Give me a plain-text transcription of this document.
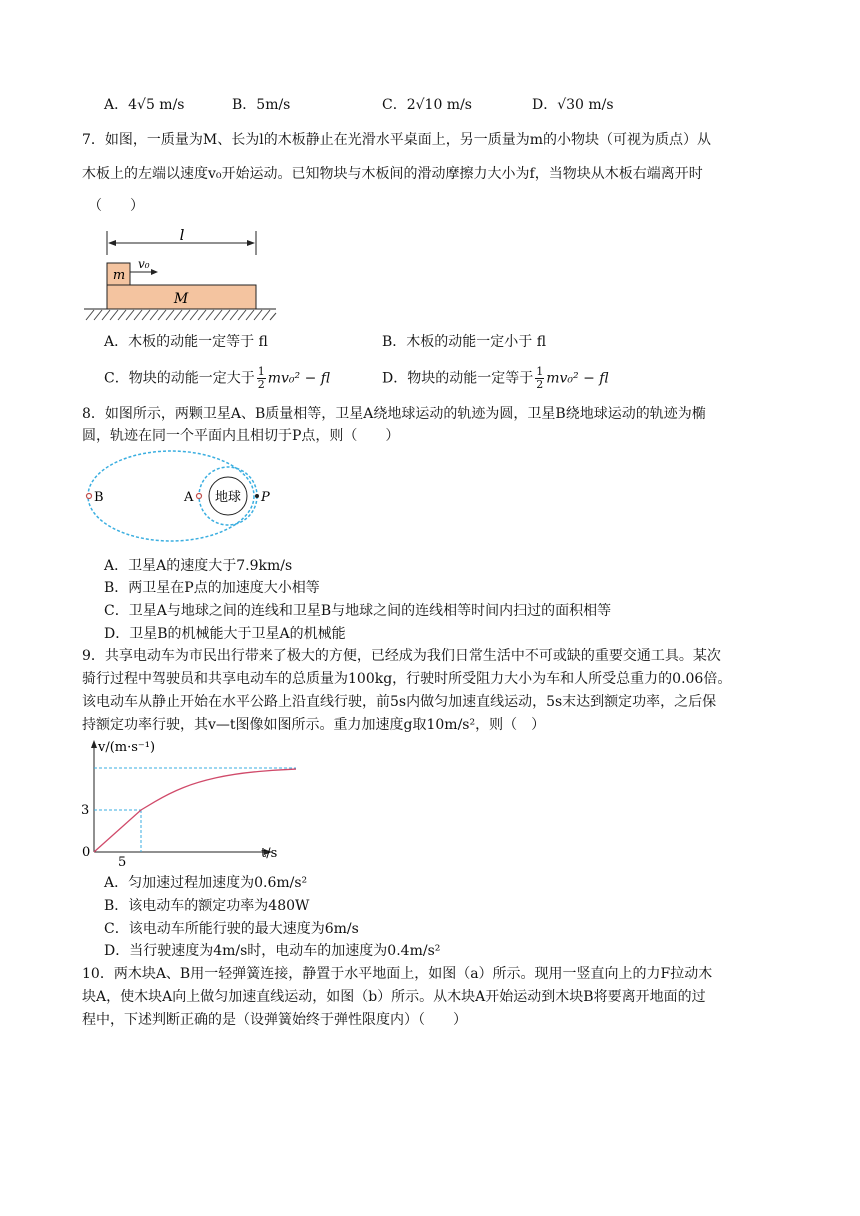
A．4√5 m/s	B．5m/s	C．2√10 m/s	D．√30 m/s
7．如图，一质量为M、长为l的木板静止在光滑水平桌面上，另一质量为m的小物块（可视为质点）从
木板上的左端以速度v₀开始运动。已知物块与木板间的滑动摩擦力大小为f，当物块从木板右端离开时
（　　）
l
m
v₀
M
A．木板的动能一定等于 fl	B．木板的动能一定小于 fl
C．物块的动能一定大于 $\frac{1}{2} mv_0^2$ − fl	D．物块的动能一定等于 $\frac{1}{2} mv_0^2$ − fl
8．如图所示，两颗卫星A、B质量相等，卫星A绕地球运动的轨迹为圆，卫星B绕地球运动的轨迹为椭
圆，轨迹在同一个平面内且相切于P点，则（　　）
地球
B	A	P
A．卫星A的速度大于7.9km/s
B．两卫星在P点的加速度大小相等
C．卫星A与地球之间的连线和卫星B与地球之间的连线相等时间内扫过的面积相等
D．卫星B的机械能大于卫星A的机械能
9．共享电动车为市民出行带来了极大的方便，已经成为我们日常生活中不可或缺的重要交通工具。某次
骑行过程中驾驶员和共享电动车的总质量为100kg，行驶时所受阻力大小为车和人所受总重力的0.06倍。
该电动车从静止开始在水平公路上沿直线行驶，前5s内做匀加速直线运动，5s末达到额定功率，之后保
持额定功率行驶，其v—t图像如图所示。重力加速度g取10m/s²，则（　）
v/(m·s⁻¹)
t/s
0
3
5
A．匀加速过程加速度为0.6m/s²
B．该电动车的额定功率为480W
C．该电动车所能行驶的最大速度为6m/s
D．当行驶速度为4m/s时，电动车的加速度为0.4m/s²
10．两木块A、B用一轻弹簧连接，静置于水平地面上，如图（a）所示。现用一竖直向上的力F拉动木
块A，使木块A向上做匀加速直线运动，如图（b）所示。从木块A开始运动到木块B将要离开地面的过
程中，下述判断正确的是（设弹簧始终于弹性限度内）（　　）
